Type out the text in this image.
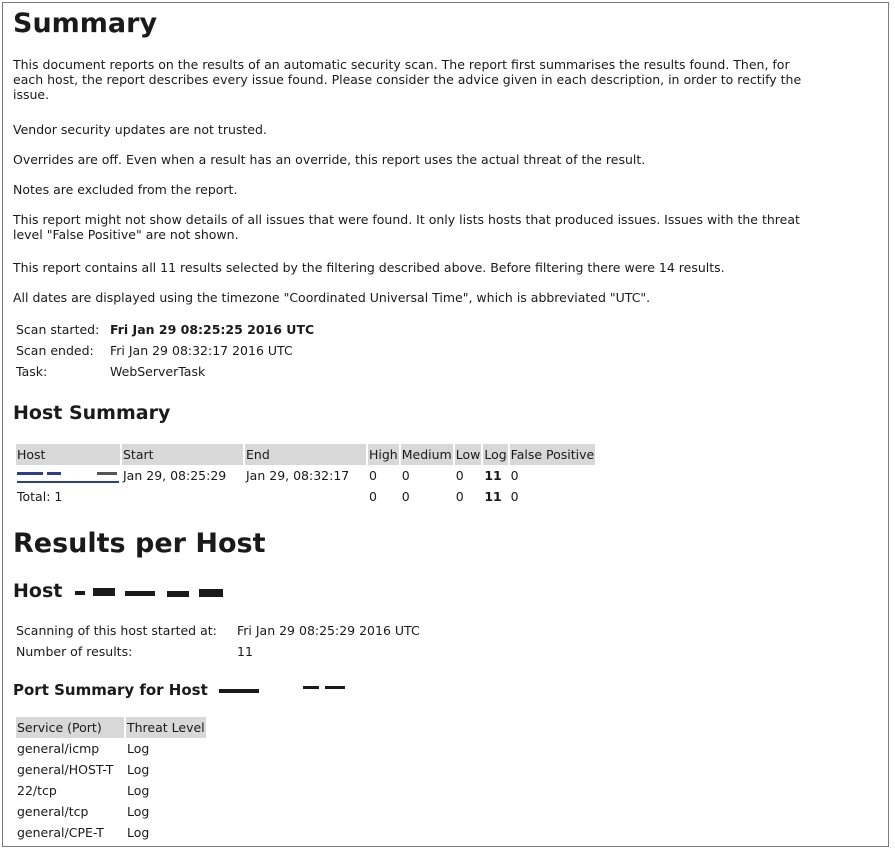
Summary

This document reports on the results of an automatic security scan. The report first summarises the results found. Then, for each host, the report describes every issue found. Please consider the advice given in each description, in order to rectify the issue.

Vendor security updates are not trusted.

Overrides are off. Even when a result has an override, this report uses the actual threat of the result.

Notes are excluded from the report.

This report might not show details of all issues that were found. It only lists hosts that produced issues. Issues with the threat level "False Positive" are not shown.

This report contains all 11 results selected by the filtering described above. Before filtering there were 14 results.

All dates are displayed using the timezone "Coordinated Universal Time", which is abbreviated "UTC".

Scan started:	Fri Jan 29 08:25:25 2016 UTC
Scan ended:	Fri Jan 29 08:32:17 2016 UTC
Task:	WebServerTask
Host Summary
Host	Start	End	High	Medium	Low	Log	False Positive

	Jan 29, 08:25:29	Jan 29, 08:32:17	0	0	0	11	0
Total: 1			0	0	0	11	0
Results per Host
Host
Scanning of this host started at:	Fri Jan 29 08:25:29 2016 UTC
Number of results:	11
Port Summary for Host
Service (Port)	Threat Level
general/icmp	Log
general/HOST-T	Log
22/tcp	Log
general/tcp	Log
general/CPE-T	Log
